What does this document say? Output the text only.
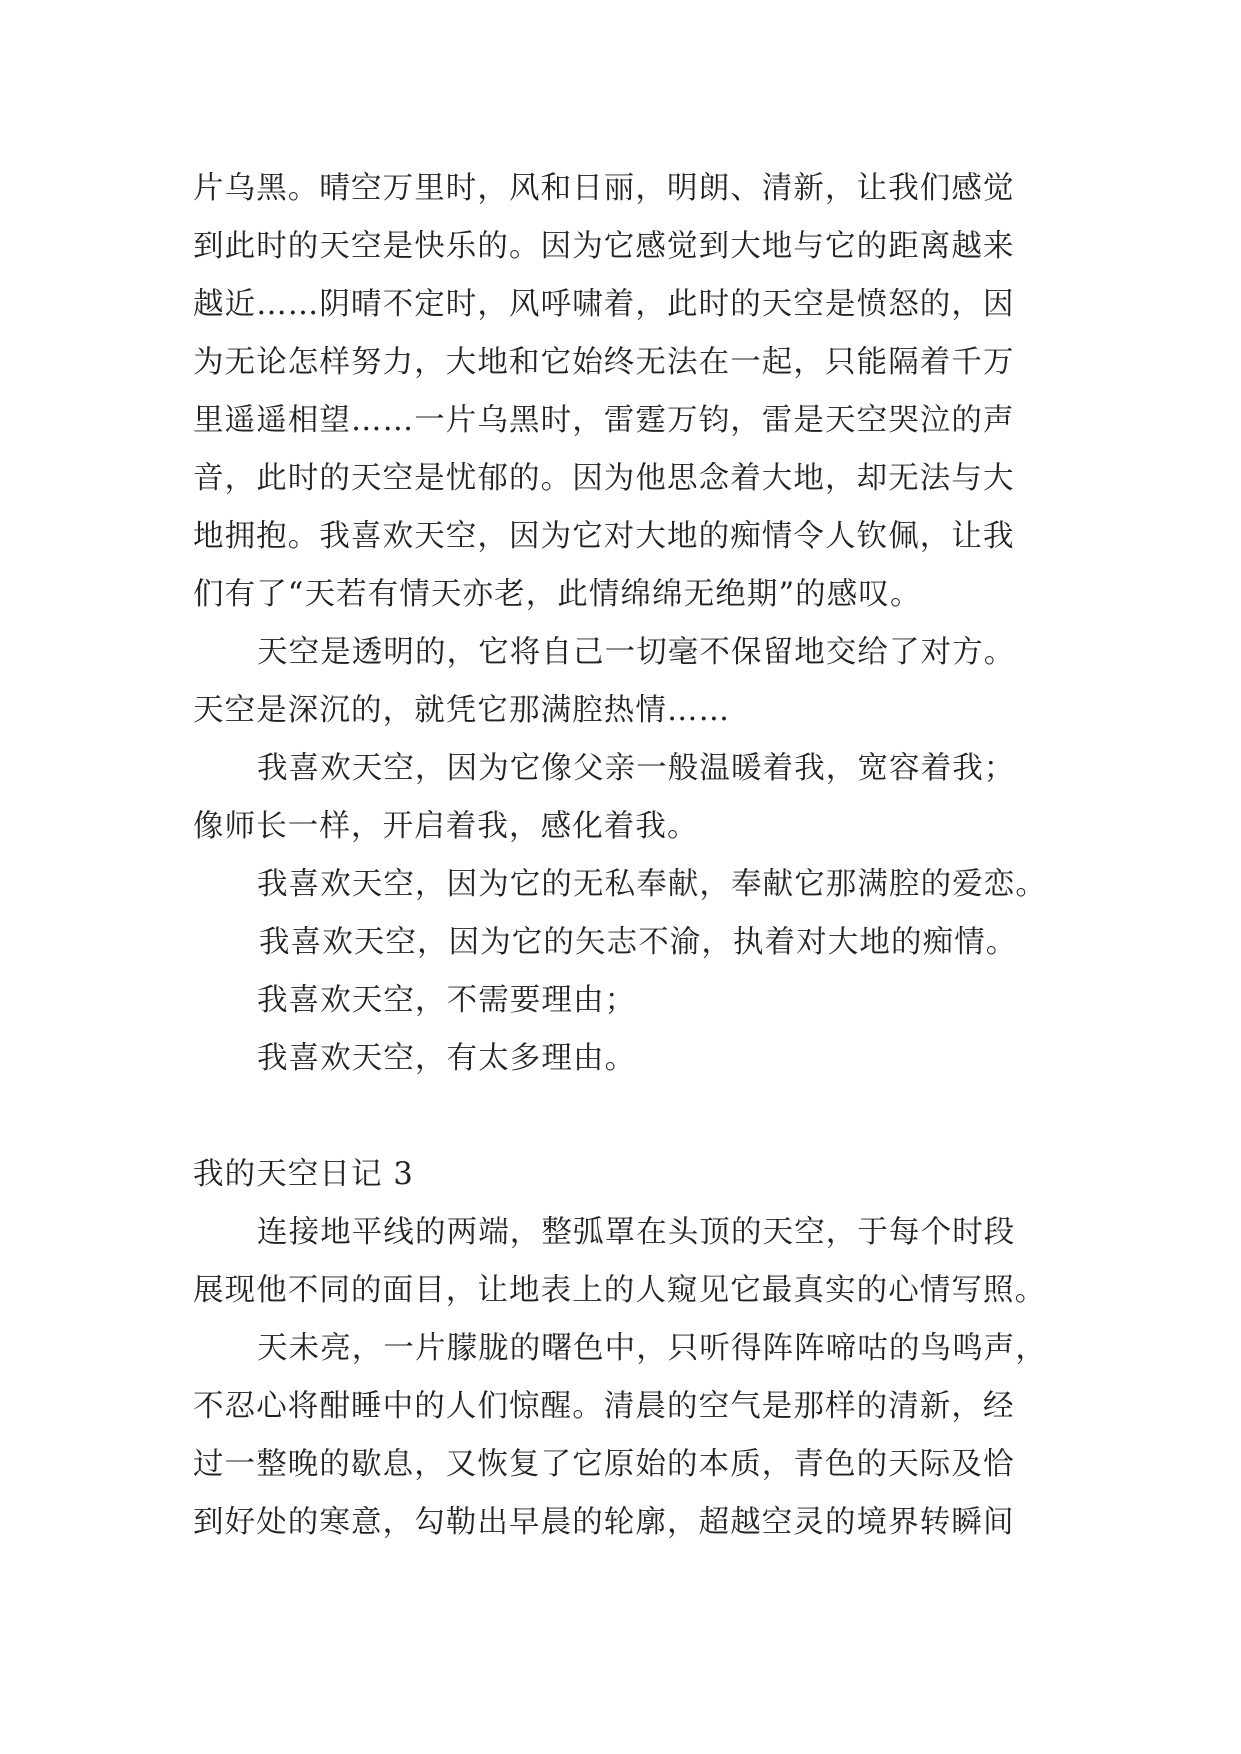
片乌黑。晴空万里时，风和日丽，明朗、清新，让我们感觉
到此时的天空是快乐的。因为它感觉到大地与它的距离越来
越近……阴晴不定时，风呼啸着，此时的天空是愤怒的，因
为无论怎样努力，大地和它始终无法在一起，只能隔着千万
里遥遥相望……一片乌黑时，雷霆万钧，雷是天空哭泣的声
音，此时的天空是忧郁的。因为他思念着大地，却无法与大
地拥抱。我喜欢天空，因为它对大地的痴情令人钦佩，让我
们有了“天若有情天亦老，此情绵绵无绝期”的感叹。
天空是透明的，它将自己一切毫不保留地交给了对方。
天空是深沉的，就凭它那满腔热情……
我喜欢天空，因为它像父亲一般温暖着我，宽容着我；
像师长一样，开启着我，感化着我。
我喜欢天空，因为它的无私奉献，奉献它那满腔的爱恋。
我喜欢天空，因为它的矢志不渝，执着对大地的痴情。
我喜欢天空，不需要理由；
我喜欢天空，有太多理由。
我的天空日记 3
连接地平线的两端，整弧罩在头顶的天空，于每个时段
展现他不同的面目，让地表上的人窥见它最真实的心情写照。
天未亮，一片朦胧的曙色中，只听得阵阵啼咕的鸟鸣声，
不忍心将酣睡中的人们惊醒。清晨的空气是那样的清新，经
过一整晚的歇息，又恢复了它原始的本质，青色的天际及恰
到好处的寒意，勾勒出早晨的轮廓，超越空灵的境界转瞬间
